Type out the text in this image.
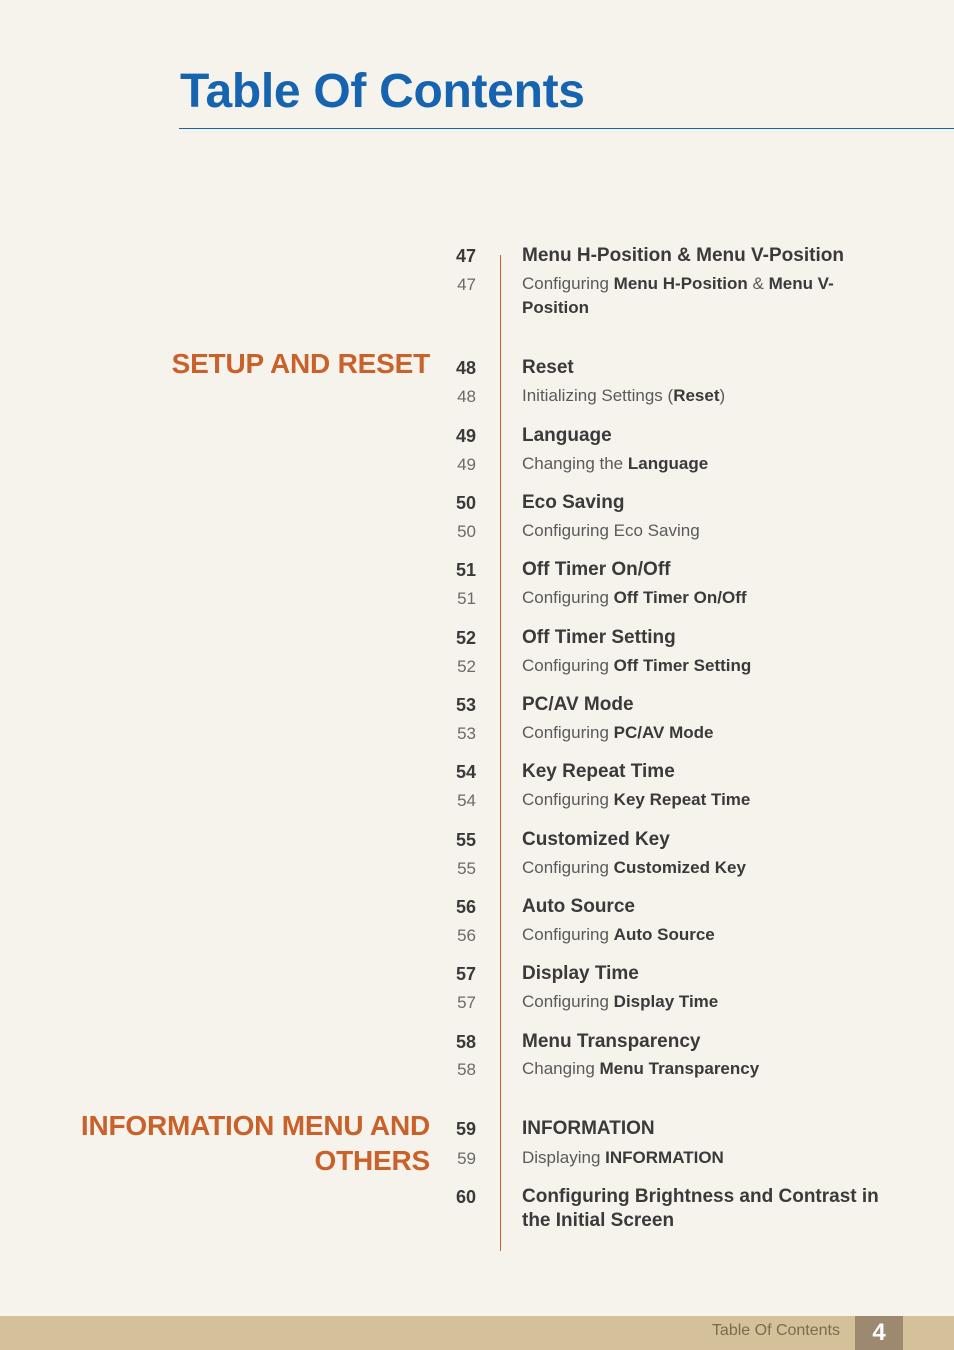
Table Of Contents
SETUP AND RESET
INFORMATION MENU AND
OTHERS
47 Menu H-Position & Menu V-Position
47	Configuring Menu H-Position & Menu V-Position
48 Reset
48	Initializing Settings (Reset)
49 Language
49	Changing the Language
50 Eco Saving
50	Configuring Eco Saving
51 Off Timer On/Off
51	Configuring Off Timer On/Off
52 Off Timer Setting
52	Configuring Off Timer Setting
53 PC/AV Mode
53	Configuring PC/AV Mode
54 Key Repeat Time
54	Configuring Key Repeat Time
55 Customized Key
55	Configuring Customized Key
56 Auto Source
56	Configuring Auto Source
57 Display Time
57	Configuring Display Time
58 Menu Transparency
58	Changing Menu Transparency
59 INFORMATION
59	Displaying INFORMATION
60 Configuring Brightness and Contrast in the Initial Screen
Table Of Contents	4
